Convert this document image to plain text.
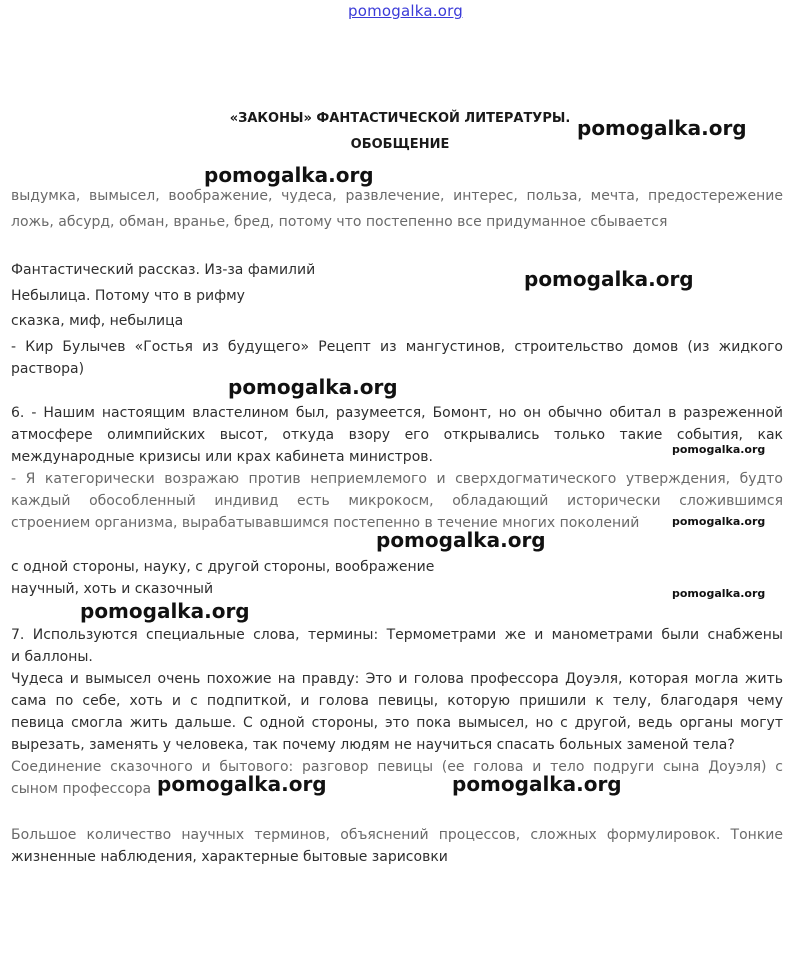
pomogalka.org
«ЗАКОНЫ» ФАНТАСТИЧЕСКОЙ ЛИТЕРАТУРЫ.
ОБОБЩЕНИЕ
выдумка, вымысел, воображение, чудеса, развлечение, интерес, польза, мечта, предостережение
ложь, абсурд, обман, вранье, бред, потому что постепенно все придуманное сбывается
Фантастический рассказ. Из-за фамилий
Небылица. Потому что в рифму
сказка, миф, небылица
- Кир Булычев «Гостья из будущего» Рецепт из мангустинов, строительство домов (из жидкого
раствора)
6. - Нашим настоящим властелином был, разумеется, Бомонт, но он обычно обитал в разреженной
атмосфере олимпийских высот, откуда взору его открывались только такие события, как
международные кризисы или крах кабинета министров.
- Я категорически возражаю против неприемлемого и сверхдогматического утверждения, будто
каждый обособленный индивид есть микрокосм, обладающий исторически сложившимся
строением организма, вырабатывавшимся постепенно в течение многих поколений
с одной стороны, науку, с другой стороны, воображение
научный, хоть и сказочный
7. Используются специальные слова, термины: Термометрами же и манометрами были снабжены
и баллоны.
Чудеса и вымысел очень похожие на правду: Это и голова профессора Доуэля, которая могла жить
сама по себе, хоть и с подпиткой, и голова певицы, которую пришили к телу, благодаря чему
певица смогла жить дальше. С одной стороны, это пока вымысел, но с другой, ведь органы могут
вырезать, заменять у человека, так почему людям не научиться спасать больных заменой тела?
Соединение сказочного и бытового: разговор певицы (ее голова и тело подруги сына Доуэля) с
сыном профессора
Большое количество научных терминов, объяснений процессов, сложных формулировок. Тонкие
жизненные наблюдения, характерные бытовые зарисовки
pomogalka.org
pomogalka.org
pomogalka.org
pomogalka.org
pomogalka.org
pomogalka.org
pomogalka.org	pomogalka.org
pomogalka.org
pomogalka.org
pomogalka.org
